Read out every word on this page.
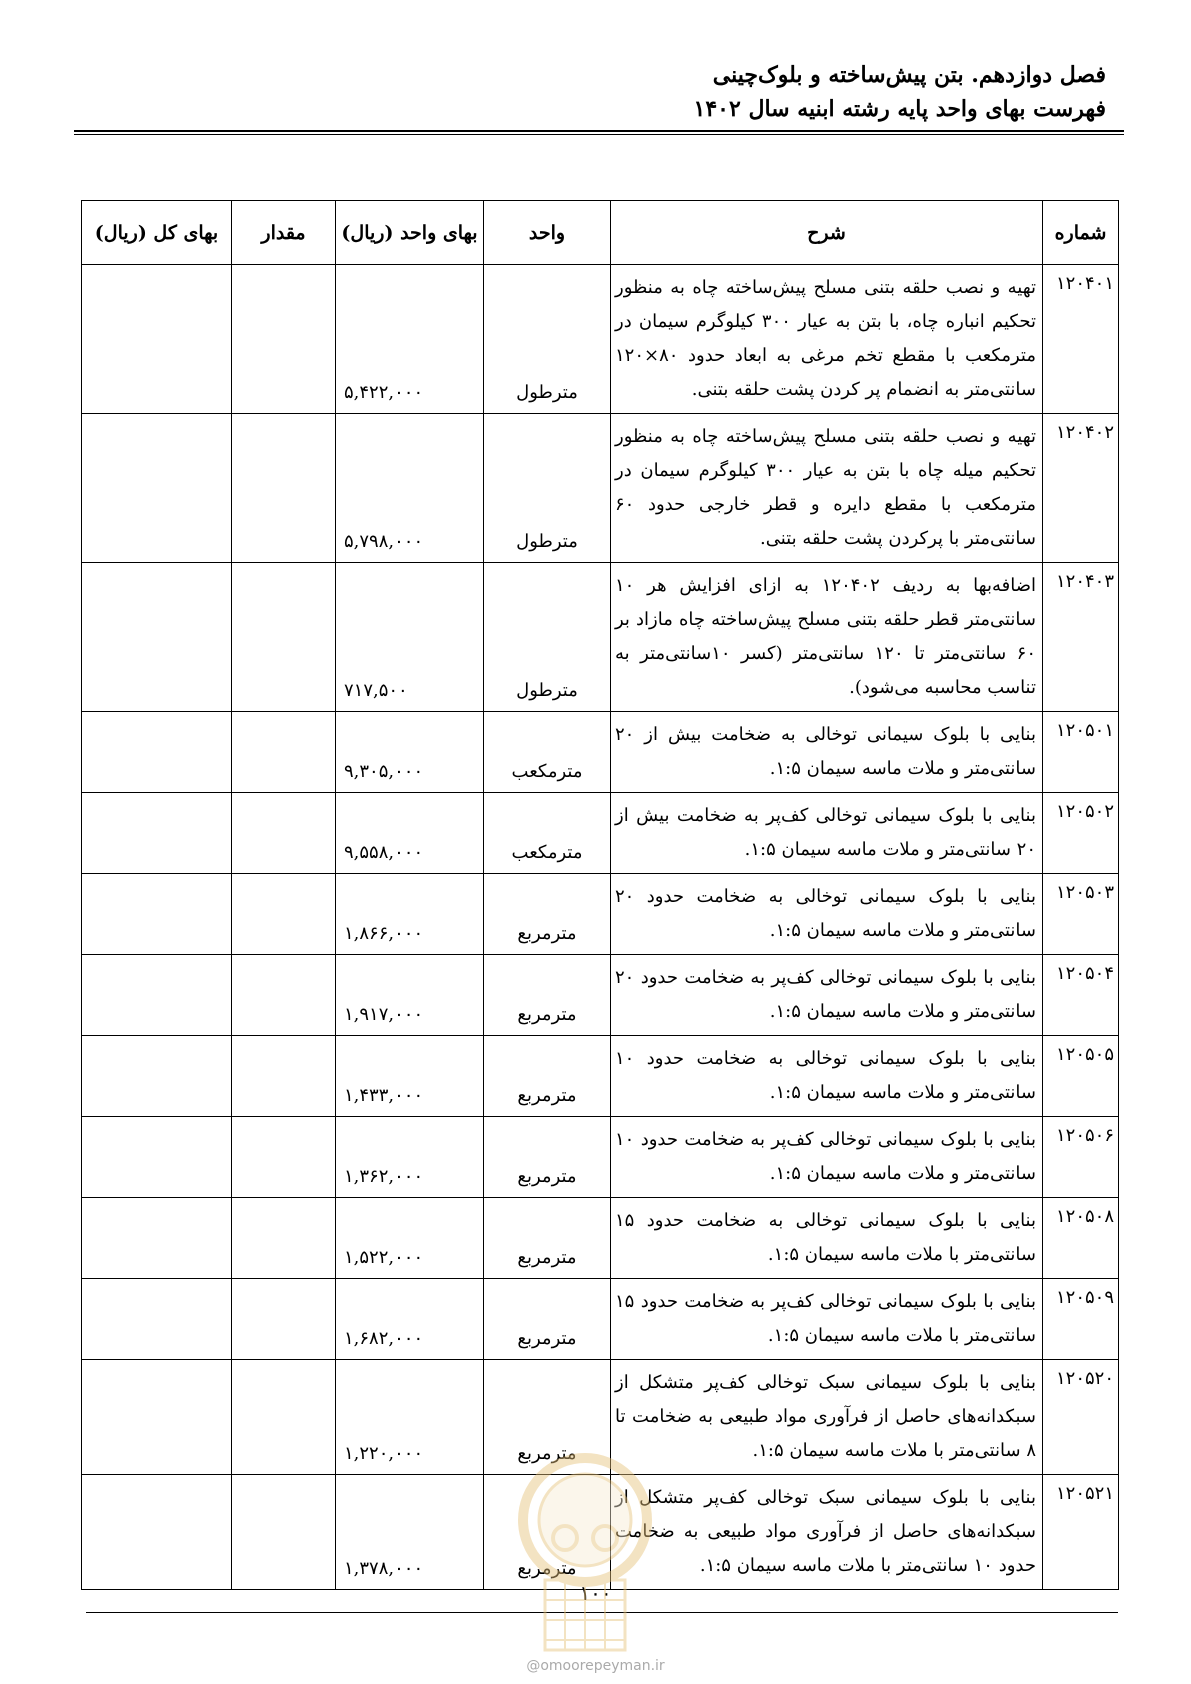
فصل دوازدهم. بتن پیش‌ساخته و بلوک‌چینی
فهرست بهای واحد پایه رشته ابنیه سال ۱۴۰۲
شماره	شرح	واحد	بهای واحد (ریال)	مقدار	بهای کل (ریال)
۱۲۰۴۰۱	تهیه و نصب حلقه بتنی مسلح پیش‌ساخته چاه به منظور تحکیم انباره چاه، با بتن به عیار ۳۰۰ کیلوگرم سیمان در مترمکعب با مقطع تخم مرغی به ابعاد حدود ۸۰×۱۲۰ سانتی‌متر به انضمام پر کردن پشت حلقه بتنی.	مترطول	۵,۴۲۲,۰۰۰		
۱۲۰۴۰۲	تهیه و نصب حلقه بتنی مسلح پیش‌ساخته چاه به منظور تحکیم میله چاه با بتن به عیار ۳۰۰ کیلوگرم سیمان در مترمکعب با مقطع دایره و قطر خارجی حدود ۶۰ سانتی‌متر با پرکردن پشت حلقه بتنی.	مترطول	۵,۷۹۸,۰۰۰		
۱۲۰۴۰۳	اضافه‌بها به ردیف ۱۲۰۴۰۲ به ازای افزایش هر ۱۰ سانتی‌متر قطر حلقه بتنی مسلح پیش‌ساخته چاه مازاد بر ۶۰ سانتی‌متر تا ۱۲۰ سانتی‌متر (کسر ۱۰سانتی‌متر به تناسب محاسبه می‌شود).	مترطول	۷۱۷,۵۰۰		
۱۲۰۵۰۱	بنایی با بلوک سیمانی توخالی به ضخامت بیش از ۲۰ سانتی‌متر و ملات ماسه سیمان ۱:۵.	مترمکعب	۹,۳۰۵,۰۰۰		
۱۲۰۵۰۲	بنایی با بلوک سیمانی توخالی کف‌پر به ضخامت بیش از ۲۰ سانتی‌متر و ملات ماسه سیمان ۱:۵.	مترمکعب	۹,۵۵۸,۰۰۰		
۱۲۰۵۰۳	بنایی با بلوک سیمانی توخالی به ضخامت حدود ۲۰ سانتی‌متر و ملات ماسه سیمان ۱:۵.	مترمربع	۱,۸۶۶,۰۰۰		
۱۲۰۵۰۴	بنایی با بلوک سیمانی توخالی کف‌پر به ضخامت حدود ۲۰ سانتی‌متر و ملات ماسه سیمان ۱:۵.	مترمربع	۱,۹۱۷,۰۰۰		
۱۲۰۵۰۵	بنایی با بلوک سیمانی توخالی به ضخامت حدود ۱۰ سانتی‌متر و ملات ماسه سیمان ۱:۵.	مترمربع	۱,۴۳۳,۰۰۰		
۱۲۰۵۰۶	بنایی با بلوک سیمانی توخالی کف‌پر به ضخامت حدود ۱۰ سانتی‌متر و ملات ماسه سیمان ۱:۵.	مترمربع	۱,۳۶۲,۰۰۰		
۱۲۰۵۰۸	بنایی با بلوک سیمانی توخالی به ضخامت حدود ۱۵ سانتی‌متر با ملات ماسه سیمان ۱:۵.	مترمربع	۱,۵۲۲,۰۰۰		
۱۲۰۵۰۹	بنایی با بلوک سیمانی توخالی کف‌پر به ضخامت حدود ۱۵ سانتی‌متر با ملات ماسه سیمان ۱:۵.	مترمربع	۱,۶۸۲,۰۰۰		
۱۲۰۵۲۰	بنایی با بلوک سیمانی سبک توخالی کف‌پر متشکل از سبکدانه‌های حاصل از فرآوری مواد طبیعی به ضخامت تا ۸ سانتی‌متر با ملات ماسه سیمان ۱:۵.	مترمربع	۱,۲۲۰,۰۰۰		
۱۲۰۵۲۱	بنایی با بلوک سیمانی سبک توخالی کف‌پر متشکل از سبکدانه‌های حاصل از فرآوری مواد طبیعی به ضخامت حدود ۱۰ سانتی‌متر با ملات ماسه سیمان ۱:۵.	مترمربع	۱,۳۷۸,۰۰۰		
۱۰۰
@omoorepeyman.ir
